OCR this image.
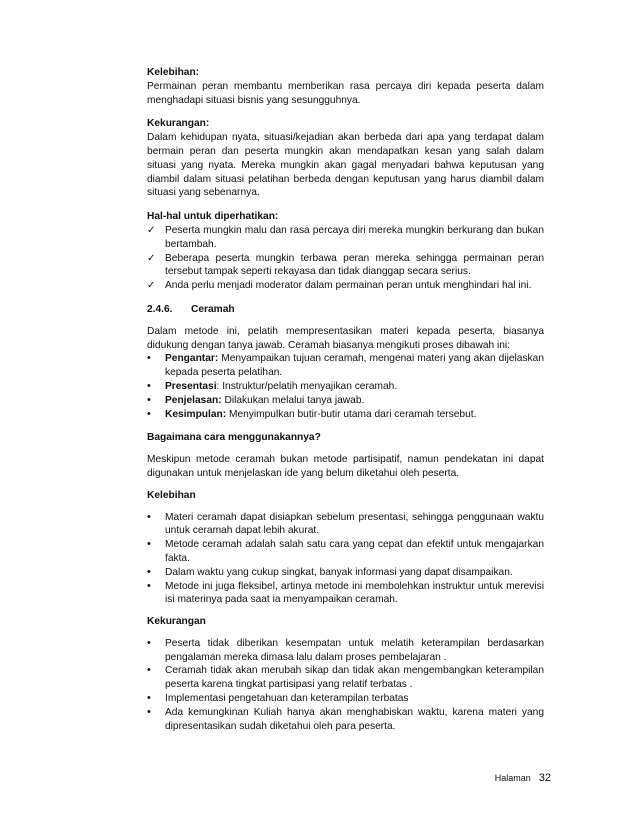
Kelebihan:

Permainan peran membantu memberikan rasa percaya diri kepada peserta dalam menghadapi situasi bisnis yang sesungguhnya.

Kekurangan:

Dalam kehidupan nyata, situasi/kejadian akan berbeda dari apa yang terdapat dalam bermain peran dan peserta mungkin akan mendapatkan kesan yang salah dalam situasi yang nyata. Mereka mungkin akan gagal menyadari bahwa keputusan yang diambil dalam situasi pelatihan berbeda dengan keputusan yang harus diambil dalam situasi yang sebenarnya.

Hal-hal untuk diperhatikan:

✓ Peserta mungkin malu dan rasa percaya diri mereka mungkin berkurang dan bukan bertambah.
✓ Beberapa peserta mungkin terbawa peran mereka sehingga permainan peran tersebut tampak seperti rekayasa dan tidak dianggap secara serius.
✓ Anda perlu menjadi moderator dalam permainan peran untuk menghindari hal ini.

2.4.6. Ceramah

Dalam metode ini, pelatih mempresentasikan materi kepada peserta, biasanya didukung dengan tanya jawab. Ceramah biasanya mengikuti proses dibawah ini:

•	Pengantar: Menyampaikan tujuan ceramah, mengenai materi yang akan dijelaskan kepada peserta pelatihan.
•	Presentasi: Instruktur/pelatih menyajikan ceramah.
•	Penjelasan: Dilakukan melalui tanya jawab.
•	Kesimpulan: Menyimpulkan butir-butir utama dari ceramah tersebut.

Bagaimana cara menggunakannya?

Meskipun metode ceramah bukan metode partisipatif, namun pendekatan ini dapat digunakan untuk menjelaskan ide yang belum diketahui oleh peserta.

Kelebihan

•	Materi ceramah dapat disiapkan sebelum presentasi, sehingga penggunaan waktu untuk ceramah dapat lebih akurat.
•	Metode ceramah adalah salah satu cara yang cepat dan efektif untuk mengajarkan fakta.
•	Dalam waktu yang cukup singkat, banyak informasi yang dapat disampaikan.
•	Metode ini juga fleksibel, artinya metode ini membolehkan instruktur untuk merevisi isi materinya pada saat ia menyampaikan ceramah.

Kekurangan

•	Peserta tidak diberikan kesempatan untuk melatih keterampilan berdasarkan pengalaman mereka dimasa lalu dalam proses pembelajaran .
•	Ceramah tidak akan merubah sikap dan tidak akan mengembangkan keterampilan peserta karena tingkat partisipasi yang relatif terbatas .
•	Implementasi pengetahuan dan keterampilan terbatas
•	Ada kemungkinan Kuliah hanya akan menghabiskan waktu, karena materi yang dipresentasikan sudah diketahui oleh para peserta.
Halaman 32
